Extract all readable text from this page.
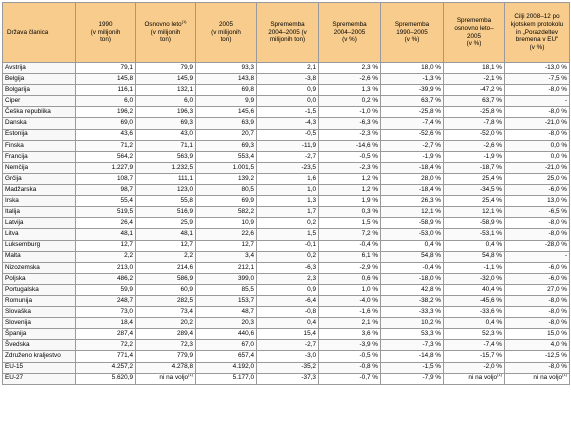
Država članica	1990
(v milijonih
ton)	Osnovno leto$^{(1)}$
(v milijonih
ton)	2005
(v milijonih
ton)	Sprememba
2004–2005 (v
milijonih ton)	Sprememba
2004–2005
(v %)	Sprememba
1990–2005
(v %)	Sprememba
osnovno leto–
2005
(v %)	Cilji 2008–12 po
kjotskem protokolu
in „Porazdeltev
bremena v EU"
(v %)
Avstrija	79,1	79,9	93,3	2,1	2,3 %	18,0 %	18,1 %	-13,0 %
Belgija	145,8	145,9	143,8	-3,8	-2,6 %	-1,3 %	-2,1 %	-7,5 %
Bolgarija	116,1	132,1	69,8	0,9	1,3 %	-39,9 %	-47,2 %	-8,0 %
Ciper	6,0	6,0	9,9	0,0	0,2 %	63,7 %	63,7 %	-
Češka republika	196,2	196,3	145,6	-1,5	-1,0 %	-25,8 %	-25,8 %	-8,0 %
Danska	69,0	69,3	63,9	-4,3	-6,3 %	-7,4 %	-7,8 %	-21,0 %
Estonija	43,6	43,0	20,7	-0,5	-2,3 %	-52,6 %	-52,0 %	-8,0 %
Finska	71,2	71,1	69,3	-11,9	-14,6 %	-2,7 %	-2,6 %	0,0 %
Francija	564,2	563,9	553,4	-2,7	-0,5 %	-1,9 %	-1,9 %	0,0 %
Nemčija	1.227,9	1.232,5	1.001,5	-23,5	-2,3 %	-18,4 %	-18,7 %	-21,0 %
Grčija	108,7	111,1	139,2	1,6	1,2 %	28,0 %	25,4 %	25,0 %
Madžarska	98,7	123,0	80,5	1,0	1,2 %	-18,4 %	-34,5 %	-6,0 %
Irska	55,4	55,8	69,9	1,3	1,9 %	26,3 %	25,4 %	13,0 %
Italija	519,5	516,9	582,2	1,7	0,3 %	12,1 %	12,1 %	-6,5 %
Latvija	26,4	25,9	10,9	0,2	1,5 %	-58,9 %	-58,9 %	-8,0 %
Litva	48,1	48,1	22,6	1,5	7,2 %	-53,0 %	-53,1 %	-8,0 %
Luksemburg	12,7	12,7	12,7	-0,1	-0,4 %	0,4 %	0,4 %	-28,0 %
Malta	2,2	2,2	3,4	0,2	6,1 %	54,8 %	54,8 %	-
Nizozemska	213,0	214,6	212,1	-6,3	-2,9 %	-0,4 %	-1,1 %	-6,0 %
Poljska	486,2	586,9	399,0	2,3	0,6 %	-18,0 %	-32,0 %	-6,0 %
Portugalska	59,9	60,9	85,5	0,9	1,0 %	42,8 %	40,4 %	27,0 %
Romunija	248,7	282,5	153,7	-6,4	-4,0 %	-38,2 %	-45,6 %	-8,0 %
Slovaška	73,0	73,4	48,7	-0,8	-1,6 %	-33,3 %	-33,6 %	-8,0 %
Slovenija	18,4	20,2	20,3	0,4	2,1 %	10,2 %	0,4 %	-8,0 %
Španija	287,4	289,4	440,6	15,4	3,6 %	53,3 %	52,3 %	15,0 %
Švedska	72,2	72,3	67,0	-2,7	-3,9 %	-7,3 %	-7,4 %	4,0 %
Združeno kraljestvo	771,4	779,9	657,4	-3,0	-0,5 %	-14,8 %	-15,7 %	-12,5 %
EU-15	4.257,2	4.278,8	4.192,0	-35,2	-0,8 %	-1,5 %	-2,0 %	-8,0 %
EU-27	5.620,9	ni na voljo$^{(1)}$	5.177,0	-37,3	-0,7 %	-7,9 %	ni na voljo$^{(1)}$	ni na voljo$^{(1)}$
